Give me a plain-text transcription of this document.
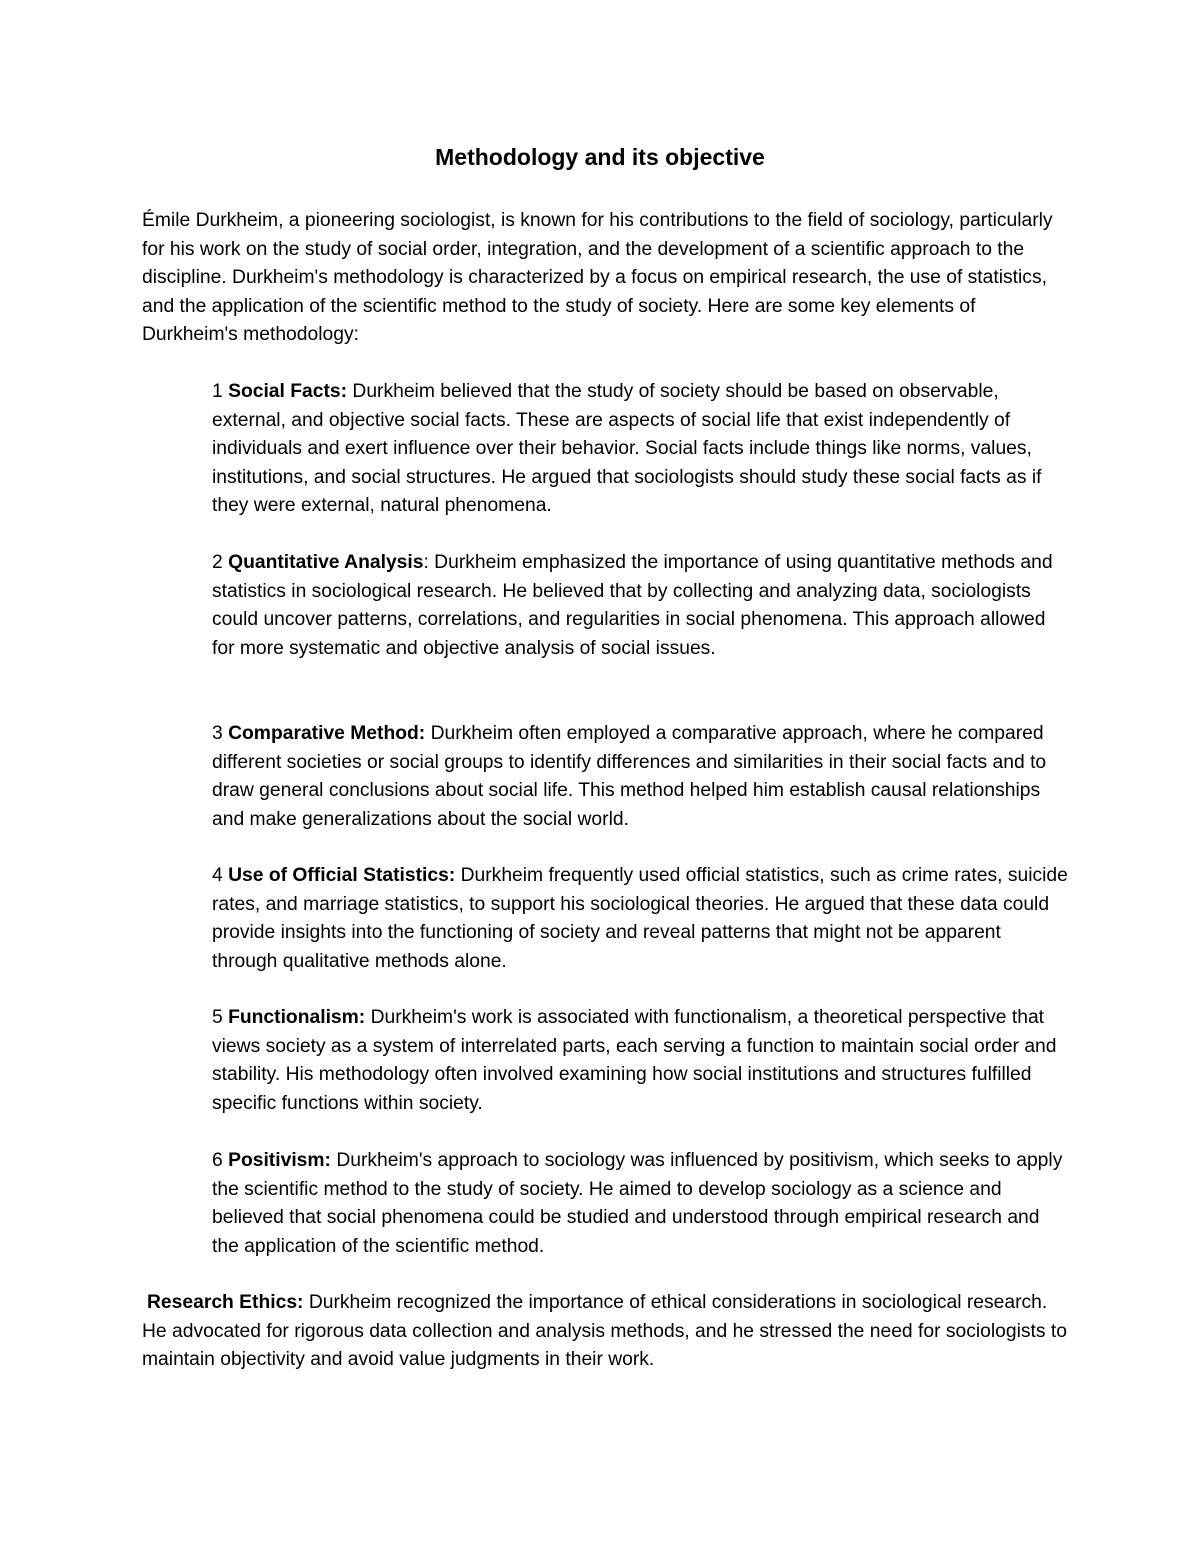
Methodology and its objective

Émile Durkheim, a pioneering sociologist, is known for his contributions to the field of sociology, particularly for his work on the study of social order, integration, and the development of a scientific approach to the discipline. Durkheim's methodology is characterized by a focus on empirical research, the use of statistics, and the application of the scientific method to the study of society. Here are some key elements of Durkheim's methodology:

1 Social Facts: Durkheim believed that the study of society should be based on observable, external, and objective social facts. These are aspects of social life that exist independently of individuals and exert influence over their behavior. Social facts include things like norms, values, institutions, and social structures. He argued that sociologists should study these social facts as if they were external, natural phenomena.

2 Quantitative Analysis: Durkheim emphasized the importance of using quantitative methods and statistics in sociological research. He believed that by collecting and analyzing data, sociologists could uncover patterns, correlations, and regularities in social phenomena. This approach allowed for more systematic and objective analysis of social issues.

3 Comparative Method: Durkheim often employed a comparative approach, where he compared different societies or social groups to identify differences and similarities in their social facts and to draw general conclusions about social life. This method helped him establish causal relationships and make generalizations about the social world.

4 Use of Official Statistics: Durkheim frequently used official statistics, such as crime rates, suicide rates, and marriage statistics, to support his sociological theories. He argued that these data could provide insights into the functioning of society and reveal patterns that might not be apparent through qualitative methods alone.

5 Functionalism: Durkheim's work is associated with functionalism, a theoretical perspective that views society as a system of interrelated parts, each serving a function to maintain social order and stability. His methodology often involved examining how social institutions and structures fulfilled specific functions within society.

6 Positivism: Durkheim's approach to sociology was influenced by positivism, which seeks to apply the scientific method to the study of society. He aimed to develop sociology as a science and believed that social phenomena could be studied and understood through empirical research and the application of the scientific method.

Research Ethics: Durkheim recognized the importance of ethical considerations in sociological research. He advocated for rigorous data collection and analysis methods, and he stressed the need for sociologists to maintain objectivity and avoid value judgments in their work.
